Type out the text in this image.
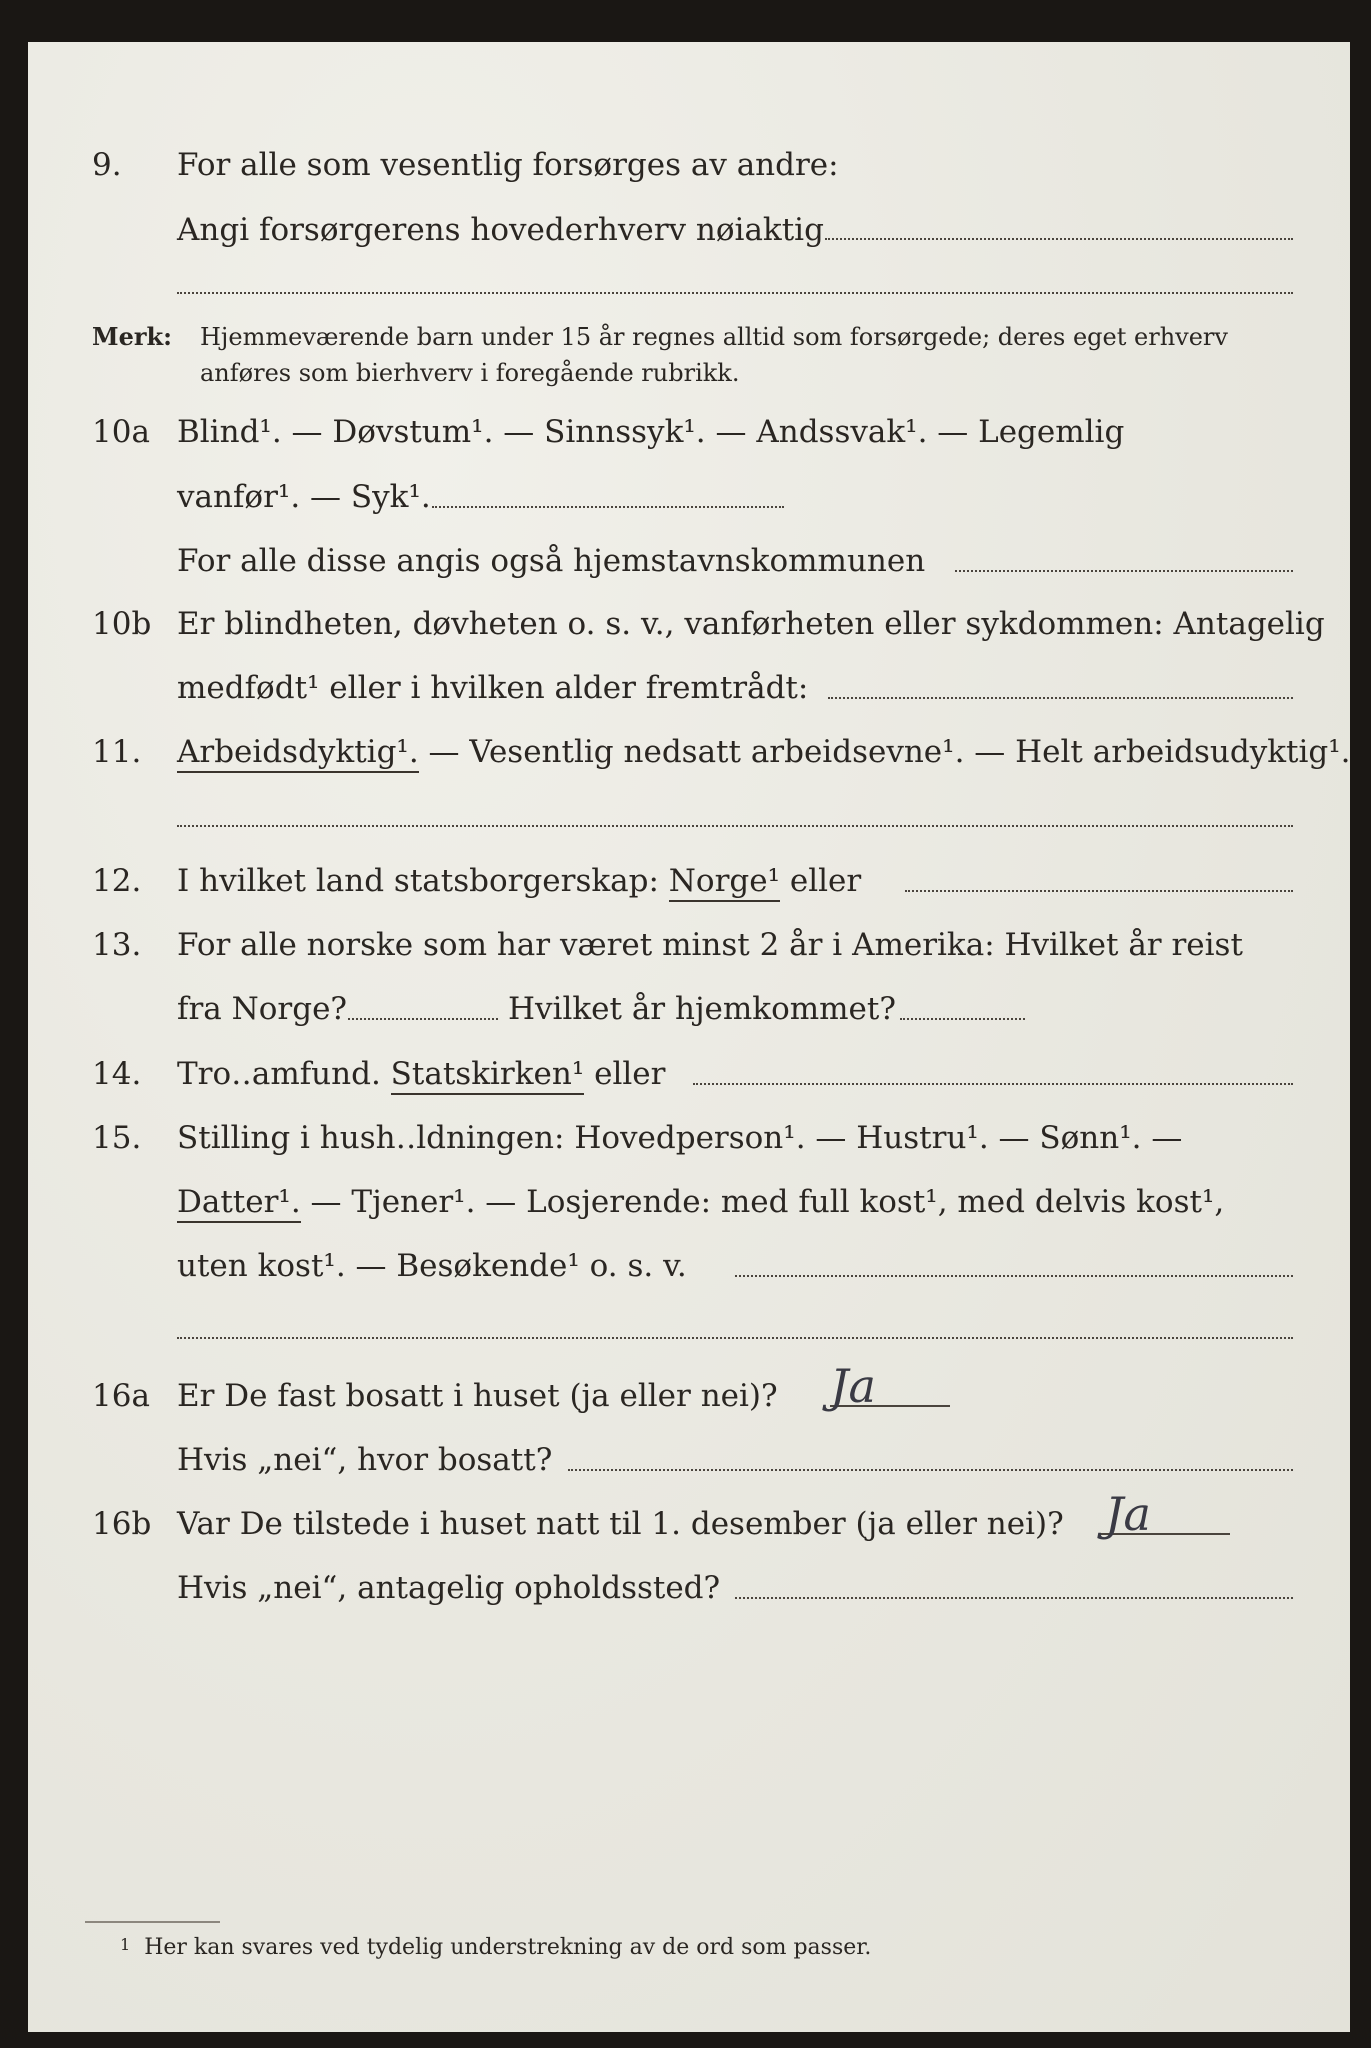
9. For alle som vesentlig forsørges av andre:
Angi forsørgerens hovederhverv nøiaktig
Merk: Hjemmeværende barn under 15 år regnes alltid som forsørgede; deres eget erhverv
anføres som bierhverv i foregående rubrikk.
10a Blind¹. — Døvstum¹. — Sinnssyk¹. — Andssvak¹. — Legemlig
vanfør¹. — Syk¹.
For alle disse angis også hjemstavnskommunen
10b Er blindheten, døvheten o. s. v., vanførheten eller sykdommen: Antagelig
medfødt¹ eller i hvilken alder fremtrådt:
11. Arbeidsdyktig¹. — Vesentlig nedsatt arbeidsevne¹. — Helt arbeidsudyktig¹.
12. I hvilket land statsborgerskap: Norge¹ eller
13. For alle norske som har været minst 2 år i Amerika: Hvilket år reist
fra Norge?	Hvilket år hjemkommet?
14. Tro‥amfund. Statskirken¹ eller
15. Stilling i hush‥ldningen: Hovedperson¹. — Hustru¹. — Sønn¹. —
Datter¹. — Tjener¹. — Losjerende: med full kost¹, med delvis kost¹,
uten kost¹. — Besøkende¹ o. s. v.
16a Er De fast bosatt i huset (ja eller nei)? Ja
Hvis „nei“, hvor bosatt?
16b Var De tilstede i huset natt til 1. desember (ja eller nei)? Ja
Hvis „nei“, antagelig opholdssted?
$^1$ Her kan svares ved tydelig understrekning av de ord som passer.
